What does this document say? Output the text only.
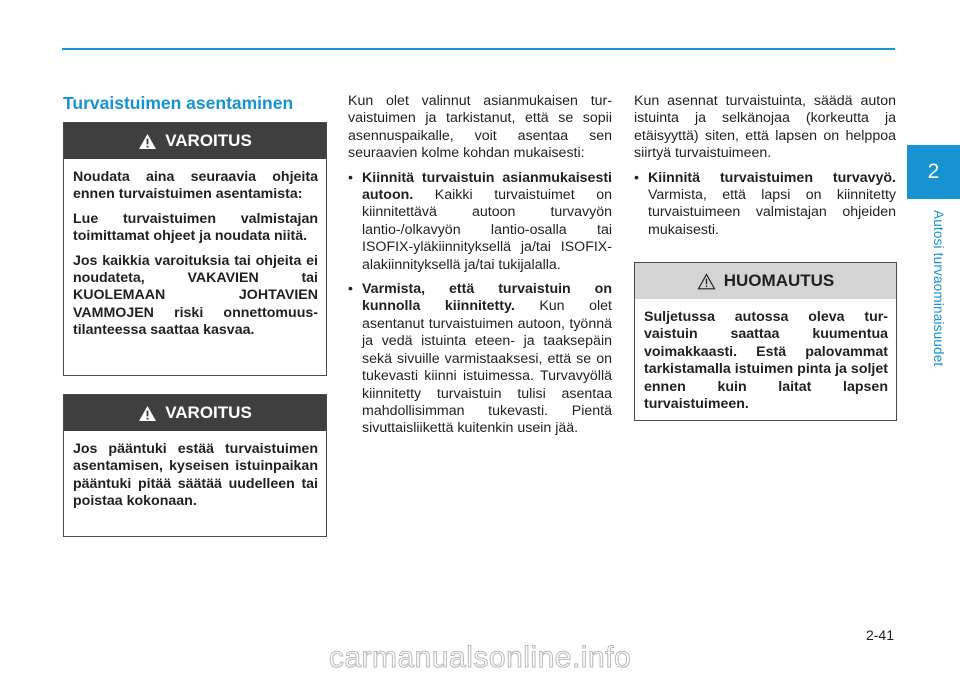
2
Autosi turvaominaisuudet
Turvaistuimen asentaminen
VAROITUS

Noudata aina seuraavia ohjeita ennen turvaistuimen asentamista:

Lue turvaistuimen valmistajan toimittamat ohjeet ja noudata niitä.

Jos kaikkia varoituksia tai ohjeita ei noudateta, VAKAVIEN tai KUOLEMAAN JOHTAVIEN VAMMOJEN riski onnettomuustilanteessa saattaa kasvaa.

VAROITUS

Jos pääntuki estää turvaistuimen asentamisen, kyseisen istuinpaikan pääntuki pitää säätää uudelleen tai poistaa kokonaan.

Kun olet valinnut asianmukaisen turvaistuimen ja tarkistanut, että se sopii asennuspaikalle, voit asentaa sen seuraavien kolme kohdan mukaisesti:

• Kiinnitä turvaistuin asianmukaisesti autoon. Kaikki turvaistuimet on kiinnitettävä autoon turvavyön lantio-/olkavyön lantio-osalla tai ISOFIX-yläkiinnityksellä ja/tai ISOFIX-alakiinnityksellä ja/tai tukijalalla.
• Varmista, että turvaistuin on kunnolla kiinnitetty. Kun olet asentanut turvaistuimen autoon, työnnä ja vedä istuinta eteen- ja taaksepäin sekä sivuille varmistaaksesi, että se on tukevasti kiinni istuimessa. Turvavyöllä kiinnitetty turvaistuin tulisi asentaa mahdollisimman tukevasti. Pientä sivuttaisliikettä kuitenkin usein jää.

Kun asennat turvaistuinta, säädä auton istuinta ja selkänojaa (korkeutta ja etäisyyttä) siten, että lapsen on helppoa siirtyä turvaistuimeen.

• Kiinnitä turvaistuimen turvavyö. Varmista, että lapsi on kiinnitetty turvaistuimeen valmistajan ohjeiden mukaisesti.
HUOMAUTUS

Suljetussa autossa oleva turvaistuin saattaa kuumentua voimakkaasti. Estä palovammat tarkistamalla istuimen pinta ja soljet ennen kuin laitat lapsen turvaistuimeen.

2-41
carmanualsonline.info
